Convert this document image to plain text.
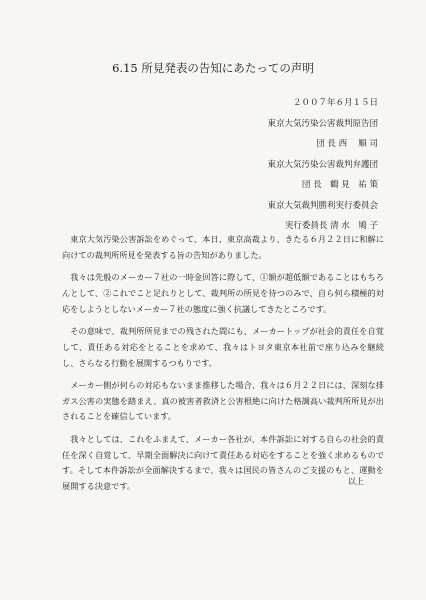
6.15 所見発表の告知にあたっての声明
２００７年６月１５日
東京大気汚染公害裁判原告団
団 長 西　 順 司
東京大気汚染公害裁判弁護団
団 長　鶴 見　祐 策
東京大気裁判勝利実行委員会
実行委員長 清 水　鳩 子

東京大気汚染公害訴訟をめぐって、本日、東京高裁より、きたる６月２２日に和解に向けての裁判所所見を発表する旨の告知がありました。

我々は先般のメーカー７社の一時金回答に際して、①額が超低額であることはもちろんとして、②これでこと足れりとして、裁判所の所見を待つのみで、自ら何ら積極的対応をしようとしないメーカー７社の態度に強く抗議してきたところです。

その意味で、裁判所所見までの残された間にも、メーカートップが社会的責任を自覚して、責任ある対応をとることを求めて、我々はトヨタ東京本社前で座り込みを継続し、さらなる行動を展開するつもりです。

メーカー側が何らの対応もないまま推移した場合、我々は６月２２日には、深刻な排ガス公害の実態を踏まえ、真の被害者救済と公害根絶に向けた格調高い裁判所所見が出されることを確信しています。

我々としては、これをふまえて、メーカー各社が、本件訴訟に対する自らの社会的責任を深く自覚して、早期全面解決に向けて責任ある対応をすることを強く求めるものです。そして本件訴訟が全面解決するまで、我々は国民の皆さんのご支援のもと、運動を展開する決意です。

以上
